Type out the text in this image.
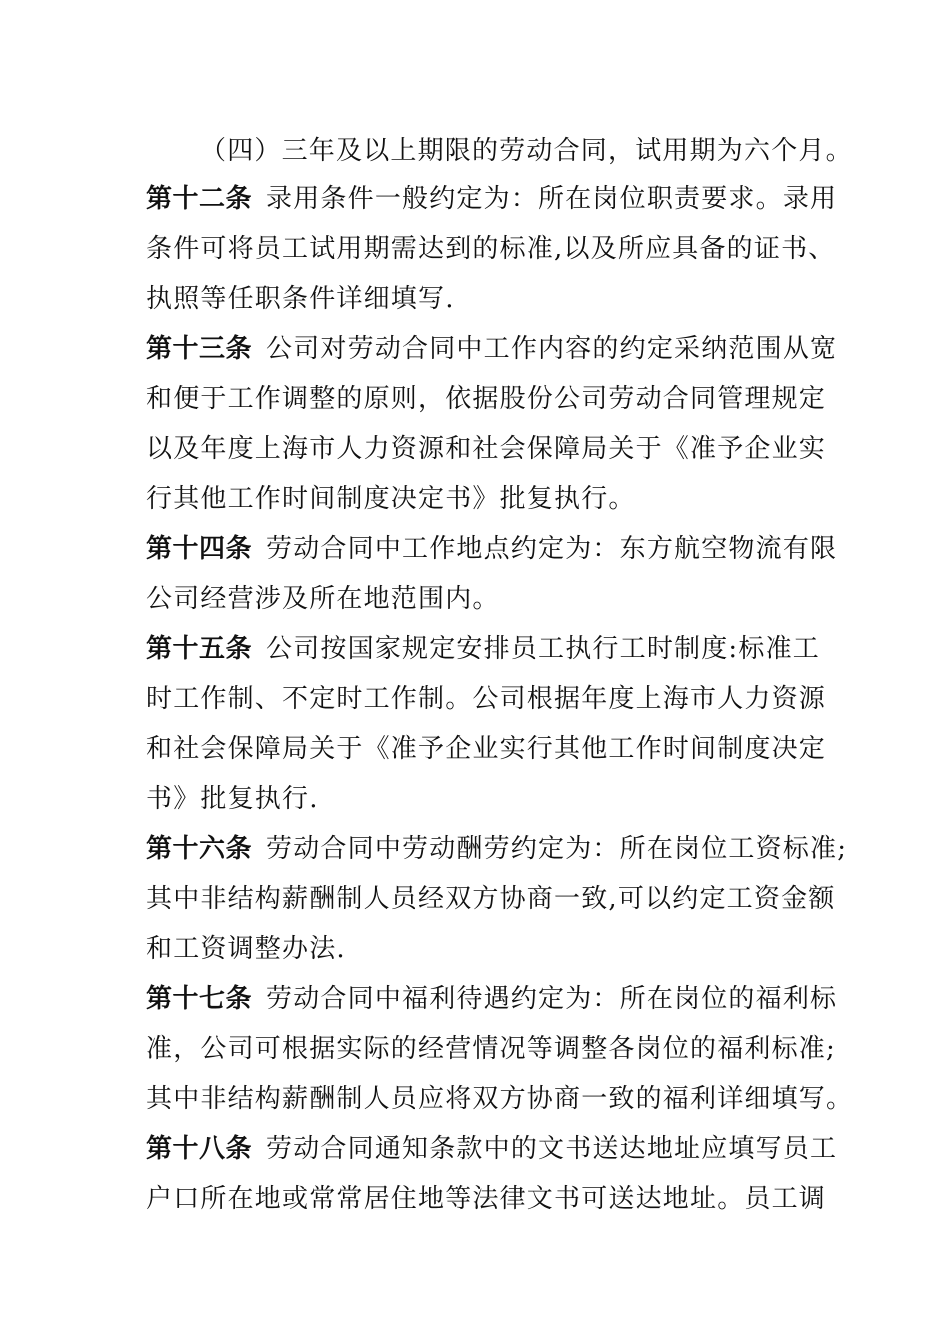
（四）三年及以上期限的劳动合同，试用期为六个月。
第十二条 录用条件一般约定为：所在岗位职责要求。录用
条件可将员工试用期需达到的标准,以及所应具备的证书、
执照等任职条件详细填写.
第十三条 公司对劳动合同中工作内容的约定采纳范围从宽
和便于工作调整的原则，依据股份公司劳动合同管理规定
以及年度上海市人力资源和社会保障局关于《准予企业实
行其他工作时间制度决定书》批复执行。
第十四条 劳动合同中工作地点约定为：东方航空物流有限
公司经营涉及所在地范围内。
第十五条 公司按国家规定安排员工执行工时制度:标准工
时工作制、不定时工作制。公司根据年度上海市人力资源
和社会保障局关于《准予企业实行其他工作时间制度决定
书》批复执行.
第十六条 劳动合同中劳动酬劳约定为：所在岗位工资标准;
其中非结构薪酬制人员经双方协商一致,可以约定工资金额
和工资调整办法.
第十七条 劳动合同中福利待遇约定为：所在岗位的福利标
准，公司可根据实际的经营情况等调整各岗位的福利标准;
其中非结构薪酬制人员应将双方协商一致的福利详细填写。
第十八条 劳动合同通知条款中的文书送达地址应填写员工
户口所在地或常常居住地等法律文书可送达地址。员工调
